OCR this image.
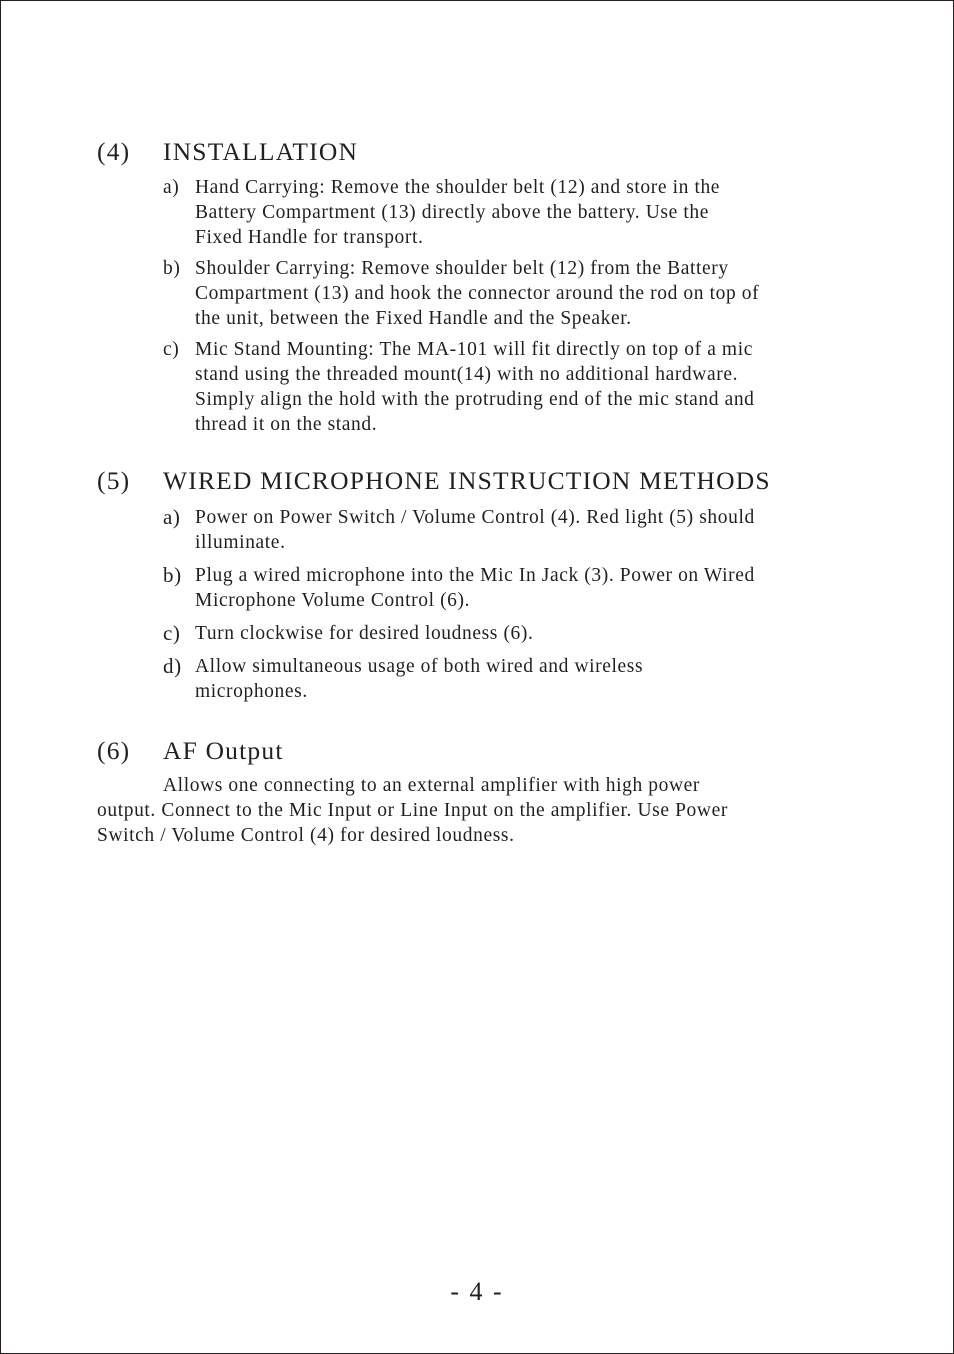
(4)	INSTALLATION
a) Hand Carrying: Remove the shoulder belt (12) and store in the
Battery Compartment (13) directly above the battery. Use the
Fixed Handle for transport.
b) Shoulder Carrying: Remove shoulder belt (12) from the Battery
Compartment (13) and hook the connector around the rod on top of
the unit, between the Fixed Handle and the Speaker.
c) Mic Stand Mounting: The MA-101 will fit directly on top of a mic
stand using the threaded mount(14) with no additional hardware.
Simply align the hold with the protruding end of the mic stand and
thread it on the stand.
(5)	WIRED MICROPHONE INSTRUCTION METHODS
a) Power on Power Switch / Volume Control (4). Red light (5) should
illuminate.
b) Plug a wired microphone into the Mic In Jack (3). Power on Wired
Microphone Volume Control (6).
c) Turn clockwise for desired loudness (6).
d) Allow simultaneous usage of both wired and wireless
microphones.
(6)	AF Output
Allows one connecting to an external amplifier with high power
output. Connect to the Mic Input or Line Input on the amplifier. Use Power
Switch / Volume Control (4) for desired loudness.
- 4 -
